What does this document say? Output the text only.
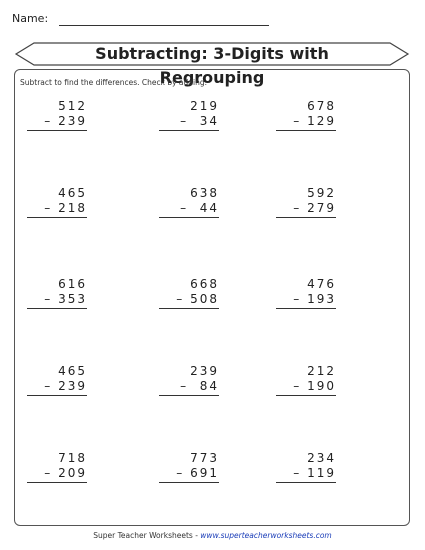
Name:
Subtracting: 3-Digits with Regrouping
Subtract to find the differences. Check by adding.
512
– 239
219
–  34
678
– 129
465
– 218
638
–  44
592
– 279
616
– 353
668
– 508
476
– 193
465
– 239
239
–  84
212
– 190
718
– 209
773
– 691
234
– 119
Super Teacher Worksheets - www.superteacherworksheets.com
